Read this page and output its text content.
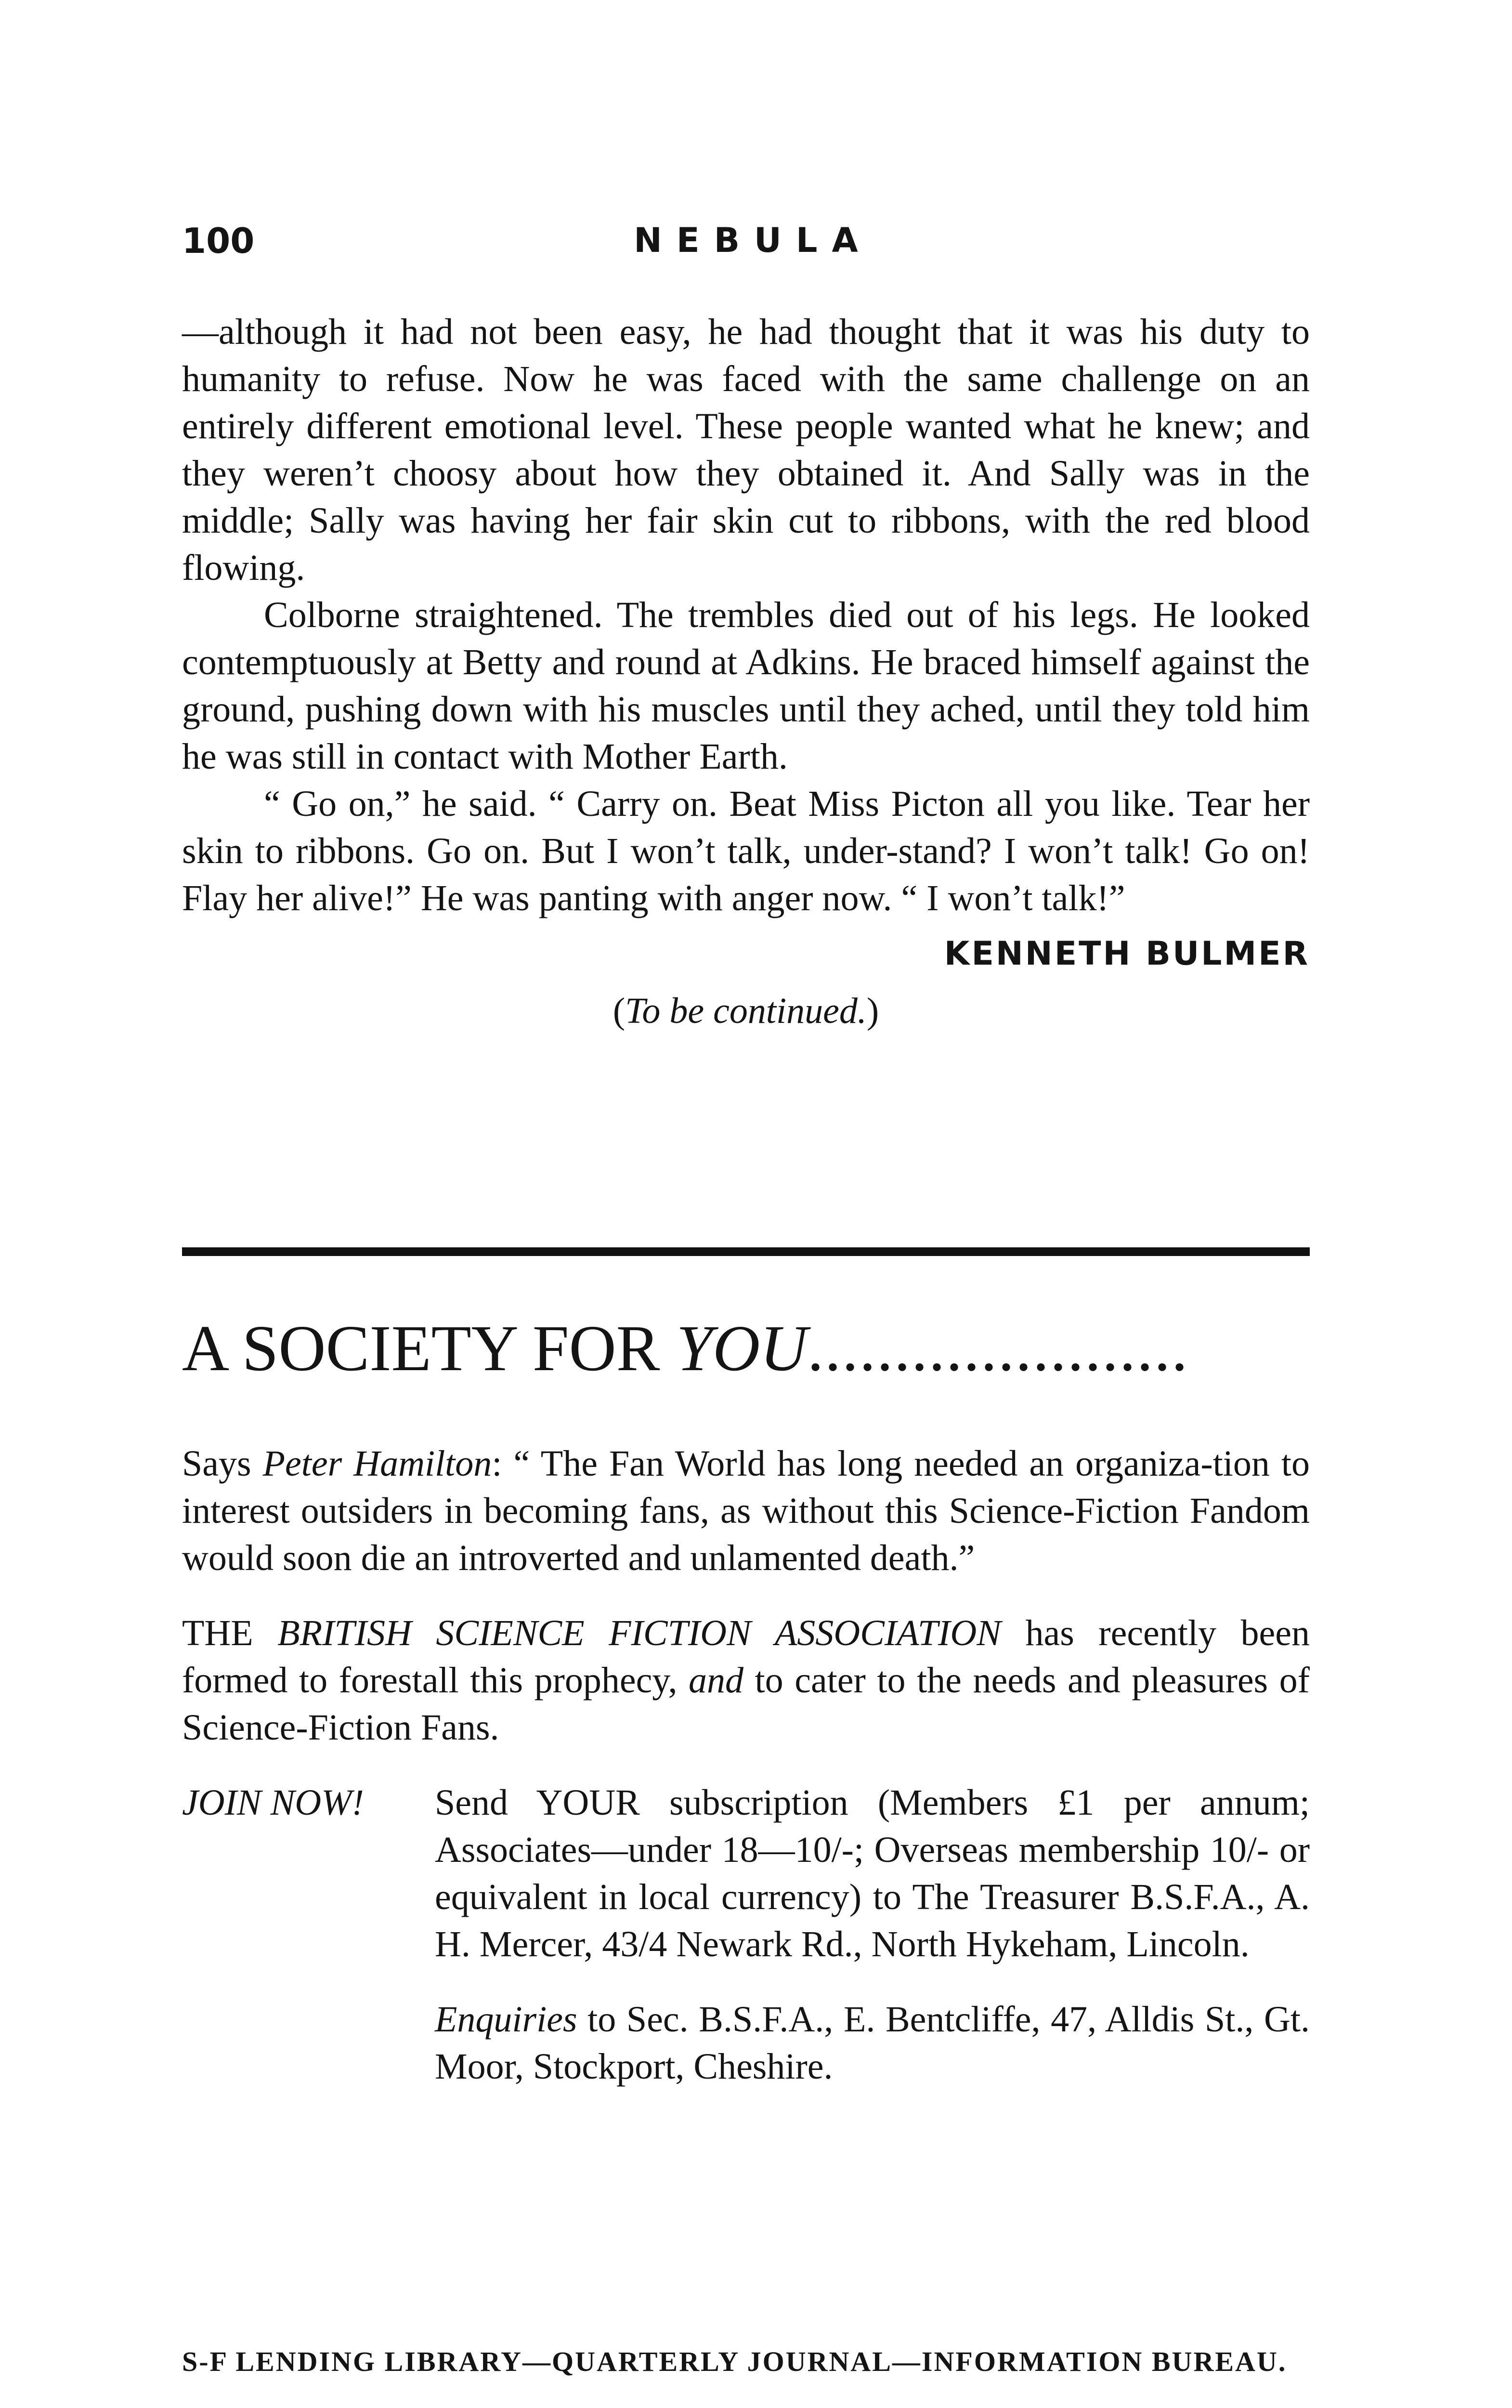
100	NEBULA

—although it had not been easy, he had thought that it was his duty to humanity to refuse. Now he was faced with the same challenge on an entirely different emotional level. These people wanted what he knew; and they weren’t choosy about how they obtained it. And Sally was in the middle; Sally was having her fair skin cut to ribbons, with the red blood flowing.

Colborne straightened. The trembles died out of his legs. He looked contemptuously at Betty and round at Adkins. He braced himself against the ground, pushing down with his muscles until they ached, until they told him he was still in contact with Mother Earth.

“ Go on,” he said. “ Carry on. Beat Miss Picton all you like. Tear her skin to ribbons. Go on. But I won’t talk, under-stand? I won’t talk! Go on! Flay her alive!” He was panting with anger now. “ I won’t talk!”

KENNETH BULMER
(To be continued.)
A SOCIETY FOR YOU......................

Says Peter Hamilton: “ The Fan World has long needed an organiza-tion to interest outsiders in becoming fans, as without this Science-Fiction Fandom would soon die an introverted and unlamented death.”

THE BRITISH SCIENCE FICTION ASSOCIATION has recently been formed to forestall this prophecy, and to cater to the needs and pleasures of Science-Fiction Fans.

JOIN NOW! Send YOUR subscription (Members £1 per annum; Associates—under 18—10/-; Overseas membership 10/- or equivalent in local currency) to The Treasurer B.S.F.A., A. H. Mercer, 43/4 Newark Rd., North Hykeham, Lincoln.
Enquiries to Sec. B.S.F.A., E. Bentcliffe, 47, Alldis St., Gt. Moor, Stockport, Cheshire.
S-F LENDING LIBRARY—QUARTERLY JOURNAL—INFORMATION BUREAU.
